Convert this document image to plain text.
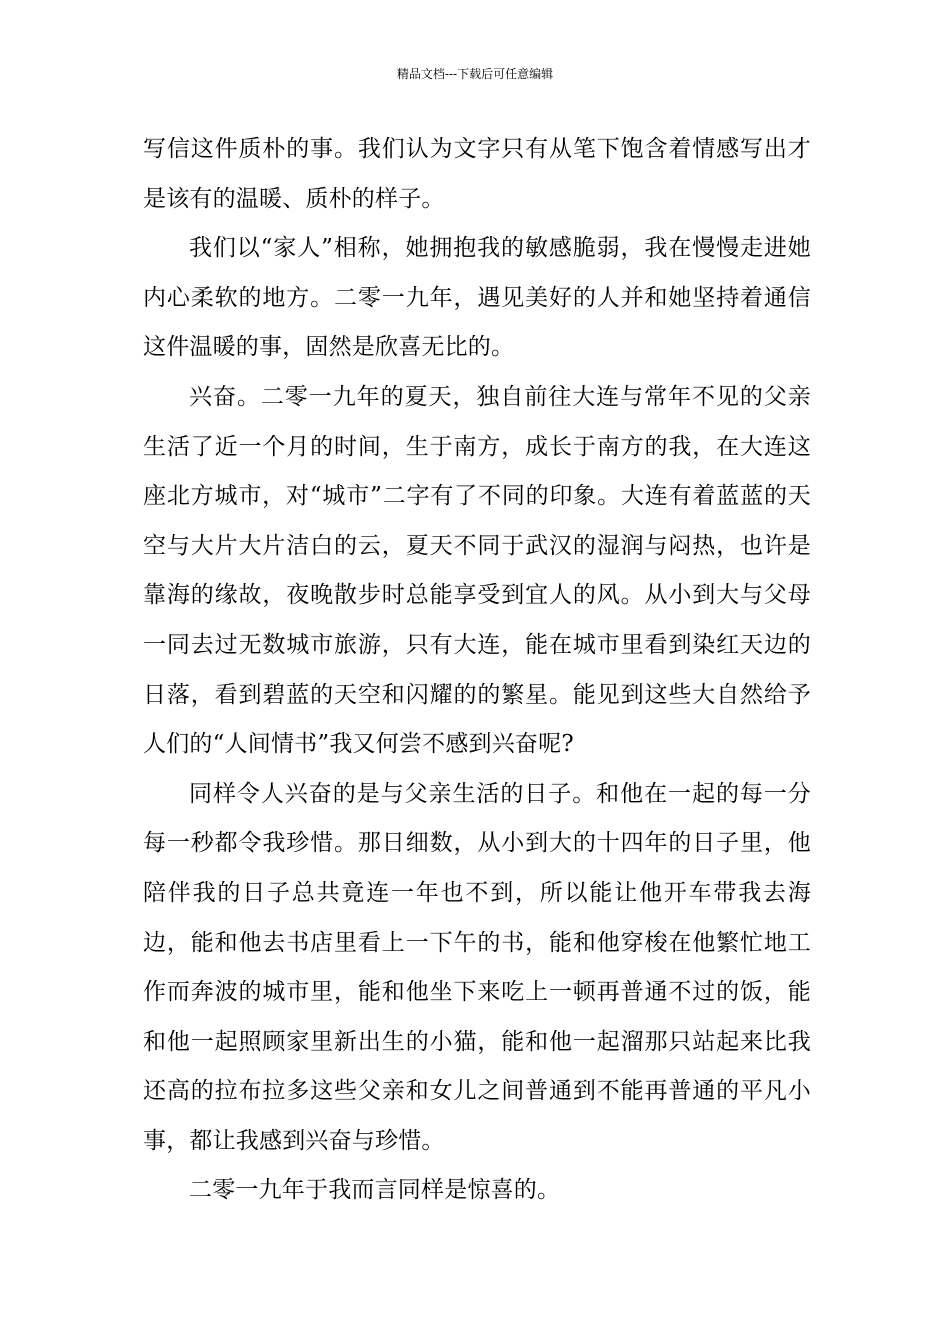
精品文档---下载后可任意编辑

写信这件质朴的事。我们认为文字只有从笔下饱含着情感写出才是该有的温暖、质朴的样子。

我们以“家人”相称，她拥抱我的敏感脆弱，我在慢慢走进她内心柔软的地方。二零一九年，遇见美好的人并和她坚持着通信这件温暖的事，固然是欣喜无比的。

兴奋。二零一九年的夏天，独自前往大连与常年不见的父亲生活了近一个月的时间，生于南方，成长于南方的我，在大连这座北方城市，对“城市”二字有了不同的印象。大连有着蓝蓝的天空与大片大片洁白的云，夏天不同于武汉的湿润与闷热，也许是靠海的缘故，夜晚散步时总能享受到宜人的风。从小到大与父母一同去过无数城市旅游，只有大连，能在城市里看到染红天边的日落，看到碧蓝的天空和闪耀的的繁星。能见到这些大自然给予人们的“人间情书”我又何尝不感到兴奋呢?

同样令人兴奋的是与父亲生活的日子。和他在一起的每一分每一秒都令我珍惜。那日细数，从小到大的十四年的日子里，他陪伴我的日子总共竟连一年也不到，所以能让他开车带我去海边，能和他去书店里看上一下午的书，能和他穿梭在他繁忙地工作而奔波的城市里，能和他坐下来吃上一顿再普通不过的饭，能和他一起照顾家里新出生的小猫，能和他一起溜那只站起来比我还高的拉布拉多这些父亲和女儿之间普通到不能再普通的平凡小事，都让我感到兴奋与珍惜。

二零一九年于我而言同样是惊喜的。
